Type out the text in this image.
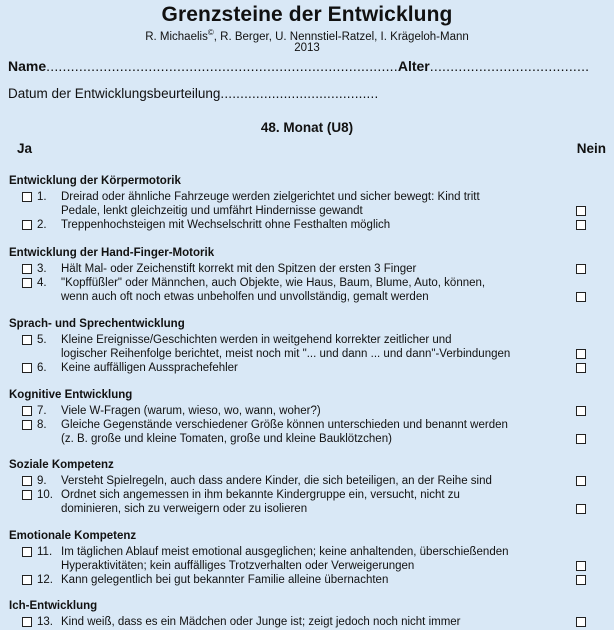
Grenzsteine der Entwicklung
R. Michaelis©, R. Berger, U. Nennstiel-Ratzel, I. Krägeloh-Mann
2013
Name......................................................................................Alter.......................................
Datum der Entwicklungsbeurteilung........................................
48. Monat (U8)
Ja	Nein
Entwicklung der Körpermotorik
1.	Dreirad oder ähnliche Fahrzeuge werden zielgerichtet und sicher bewegt: Kind tritt
Pedale, lenkt gleichzeitig und umfährt Hindernisse gewandt
2.	Treppenhochsteigen mit Wechselschritt ohne Festhalten möglich
Entwicklung der Hand-Finger-Motorik
3.	Hält Mal- oder Zeichenstift korrekt mit den Spitzen der ersten 3 Finger
4.	"Kopffüßler" oder Männchen, auch Objekte, wie Haus, Baum, Blume, Auto, können,
wenn auch oft noch etwas unbeholfen und unvollständig, gemalt werden
Sprach- und Sprechentwicklung
5.	Kleine Ereignisse/Geschichten werden in weitgehend korrekter zeitlicher und
logischer Reihenfolge berichtet, meist noch mit "... und dann ... und dann"-Verbindungen
6.	Keine auffälligen Aussprachefehler
Kognitive Entwicklung
7.	Viele W-Fragen (warum, wieso, wo, wann, woher?)
8.	Gleiche Gegenstände verschiedener Größe können unterschieden und benannt werden
(z. B. große und kleine Tomaten, große und kleine Bauklötzchen)
Soziale Kompetenz
9.	Versteht Spielregeln, auch dass andere Kinder, die sich beteiligen, an der Reihe sind
10. Ordnet sich angemessen in ihm bekannte Kindergruppe ein, versucht, nicht zu
dominieren, sich zu verweigern oder zu isolieren
Emotionale Kompetenz
11. Im täglichen Ablauf meist emotional ausgeglichen; keine anhaltenden, überschießenden
Hyperaktivitäten; kein auffälliges Trotzverhalten oder Verweigerungen
12. Kann gelegentlich bei gut bekannter Familie alleine übernachten
Ich-Entwicklung
13. Kind weiß, dass es ein Mädchen oder Junge ist; zeigt jedoch noch nicht immer
